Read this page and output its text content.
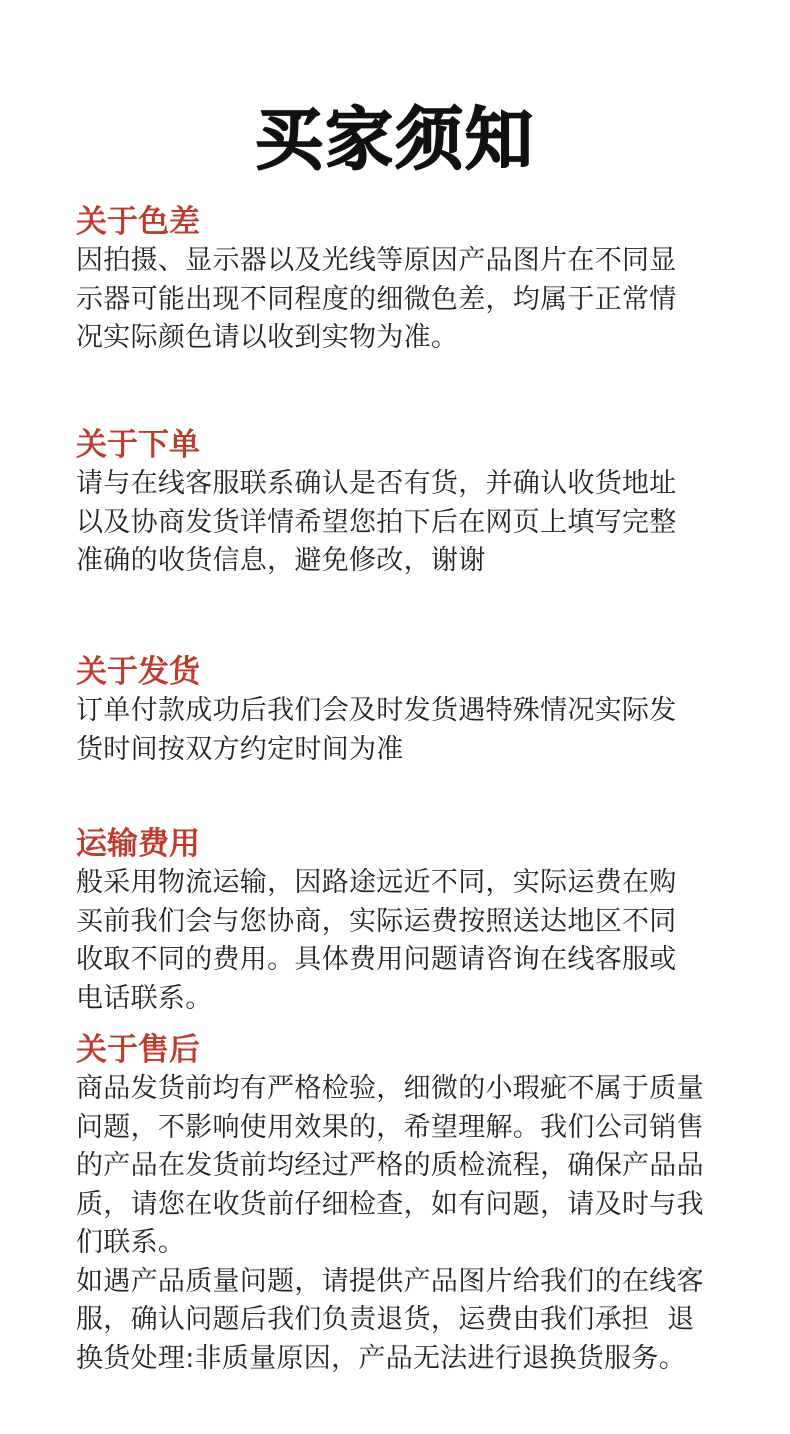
买家须知
关于色差

因拍摄、显示器以及光线等原因产品图片在不同显
示器可能出现不同程度的细微色差，均属于正常情
况实际颜色请以收到实物为准。

关于下单

请与在线客服联系确认是否有货，并确认收货地址
以及协商发货详情希望您拍下后在网页上填写完整
准确的收货信息，避免修改，谢谢

关于发货

订单付款成功后我们会及时发货遇特殊情况实际发
货时间按双方约定时间为准

运输费用

般采用物流运输，因路途远近不同，实际运费在购
买前我们会与您协商，实际运费按照送达地区不同
收取不同的费用。具体费用问题请咨询在线客服或
电话联系。

关于售后

商品发货前均有严格检验，细微的小瑕疵不属于质量
问题，不影响使用效果的，希望理解。我们公司销售
的产品在发货前均经过严格的质检流程，确保产品品
质，请您在收货前仔细检查，如有问题，请及时与我
们联系。
如遇产品质量问题，请提供产品图片给我们的在线客
服，确认问题后我们负责退货，运费由我们承担  退
换货处理:非质量原因，产品无法进行退换货服务。
